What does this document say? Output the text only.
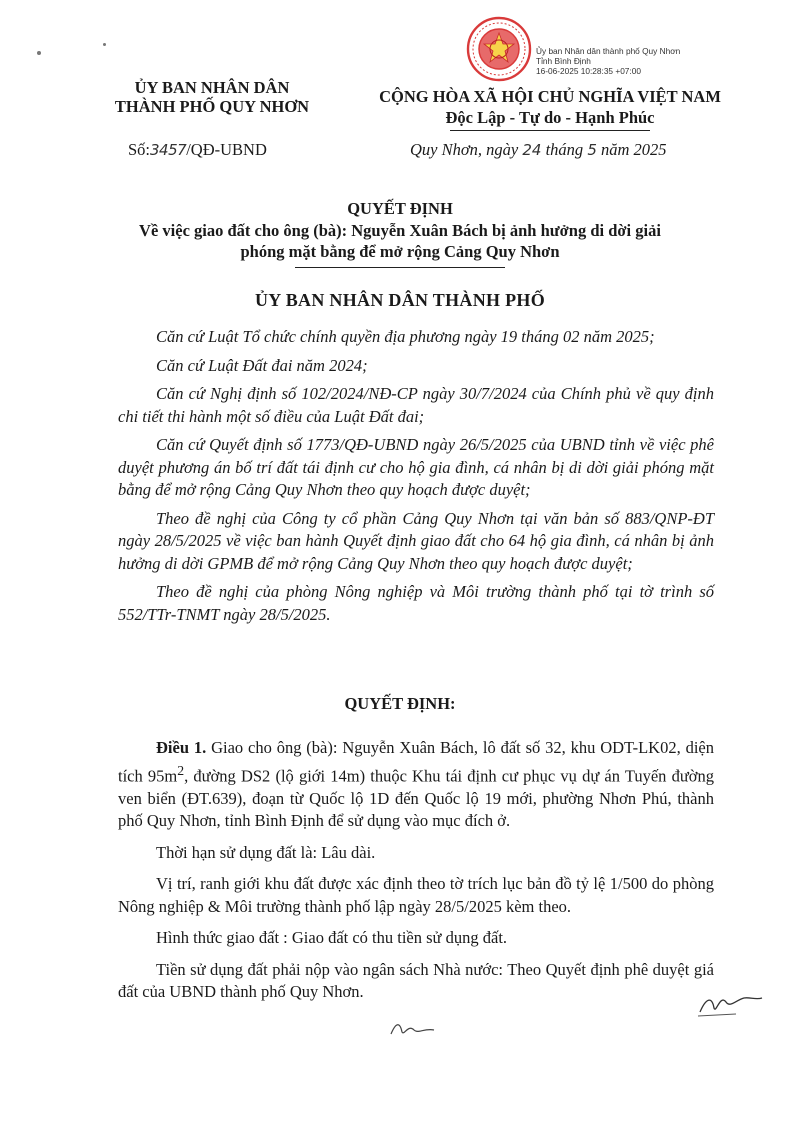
Ủy ban Nhân dân thành phố Quy Nhơn
Tỉnh Bình Định
16-06-2025 10:28:35 +07:00
ỦY BAN NHÂN DÂN
THÀNH PHỐ QUY NHƠN
Số:3457/QĐ-UBND
CỘNG HÒA XÃ HỘI CHỦ NGHĨA VIỆT NAM
Độc Lập - Tự do - Hạnh Phúc
Quy Nhơn, ngày 24 tháng 5 năm 2025
QUYẾT ĐỊNH
Về việc giao đất cho ông (bà): Nguyễn Xuân Bách bị ảnh hưởng di dời giải
phóng mặt bằng để mở rộng Cảng Quy Nhơn
ỦY BAN NHÂN DÂN THÀNH PHỐ

Căn cứ Luật Tổ chức chính quyền địa phương ngày 19 tháng 02 năm 2025;

Căn cứ Luật Đất đai năm 2024;

Căn cứ Nghị định số 102/2024/NĐ-CP ngày 30/7/2024 của Chính phủ về quy định chi tiết thi hành một số điều của Luật Đất đai;

Căn cứ Quyết định số 1773/QĐ-UBND ngày 26/5/2025 của UBND tỉnh về việc phê duyệt phương án bố trí đất tái định cư cho hộ gia đình, cá nhân bị di dời giải phóng mặt bằng để mở rộng Cảng Quy Nhơn theo quy hoạch được duyệt;

Theo đề nghị của Công ty cổ phần Cảng Quy Nhơn tại văn bản số 883/QNP-ĐT ngày 28/5/2025 về việc ban hành Quyết định giao đất cho 64 hộ gia đình, cá nhân bị ảnh hưởng di dời GPMB để mở rộng Cảng Quy Nhơn theo quy hoạch được duyệt;

Theo đề nghị của phòng Nông nghiệp và Môi trường thành phố tại tờ trình số 552/TTr-TNMT ngày 28/5/2025.

QUYẾT ĐỊNH:

Điều 1. Giao cho ông (bà): Nguyễn Xuân Bách, lô đất số 32, khu ODT-LK02, diện tích $95m^2$, đường DS2 (lộ giới 14m) thuộc Khu tái định cư phục vụ dự án Tuyến đường ven biển (ĐT.639), đoạn từ Quốc lộ 1D đến Quốc lộ 19 mới, phường Nhơn Phú, thành phố Quy Nhơn, tỉnh Bình Định để sử dụng vào mục đích ở.

Thời hạn sử dụng đất là: Lâu dài.

Vị trí, ranh giới khu đất được xác định theo tờ trích lục bản đồ tỷ lệ 1/500 do phòng Nông nghiệp & Môi trường thành phố lập ngày 28/5/2025 kèm theo.

Hình thức giao đất : Giao đất có thu tiền sử dụng đất.

Tiền sử dụng đất phải nộp vào ngân sách Nhà nước: Theo Quyết định phê duyệt giá đất của UBND thành phố Quy Nhơn.
